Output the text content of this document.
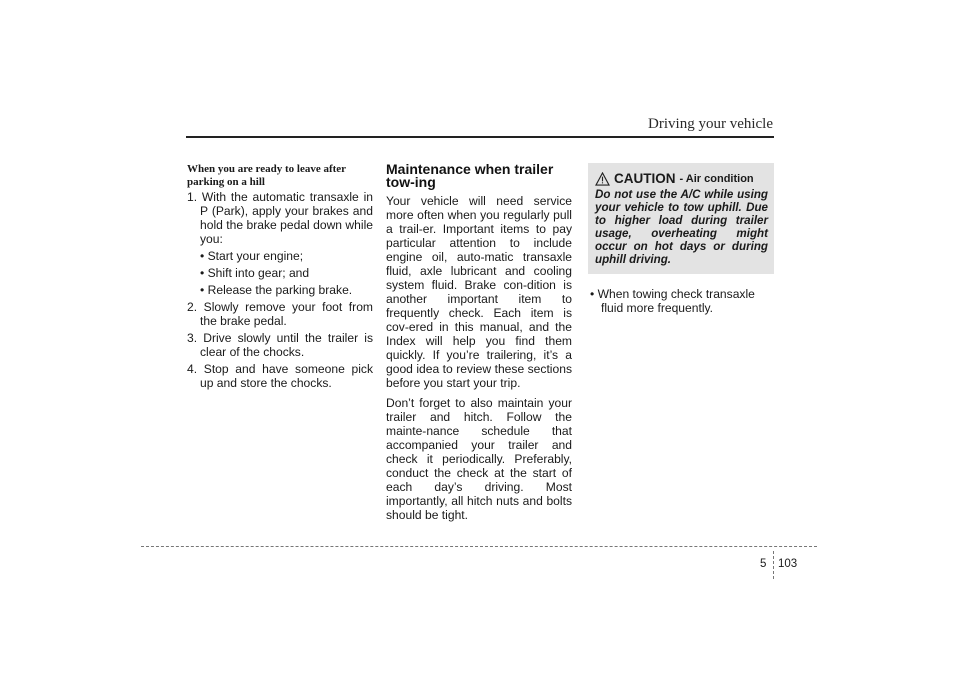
Driving your vehicle

When you are ready to leave after parking on a hill

1. With the automatic transaxle in P (Park), apply your brakes and hold the brake pedal down while you:

• Start your engine;
• Shift into gear; and
• Release the parking brake.

2. Slowly remove your foot from the brake pedal.

3. Drive slowly until the trailer is clear of the chocks.

4. Stop and have someone pick up and store the chocks.

Maintenance when trailer tow-ing

Your vehicle will need service more often when you regularly pull a trail-er. Important items to pay particular attention to include engine oil, auto-matic transaxle fluid, axle lubricant and cooling system fluid. Brake con-dition is another important item to frequently check. Each item is cov-ered in this manual, and the Index will help you find them quickly. If you’re trailering, it’s a good idea to review these sections before you start your trip.

Don’t forget to also maintain your trailer and hitch. Follow the mainte-nance schedule that accompanied your trailer and check it periodically. Preferably, conduct the check at the start of each day’s driving. Most importantly, all hitch nuts and bolts should be tight.

CAUTION - Air condition
Do not use the A/C while using your vehicle to tow uphill. Due to higher load during trailer usage, overheating might occur on hot days or during uphill driving.

• When towing check transaxle fluid more frequently.

5 103
